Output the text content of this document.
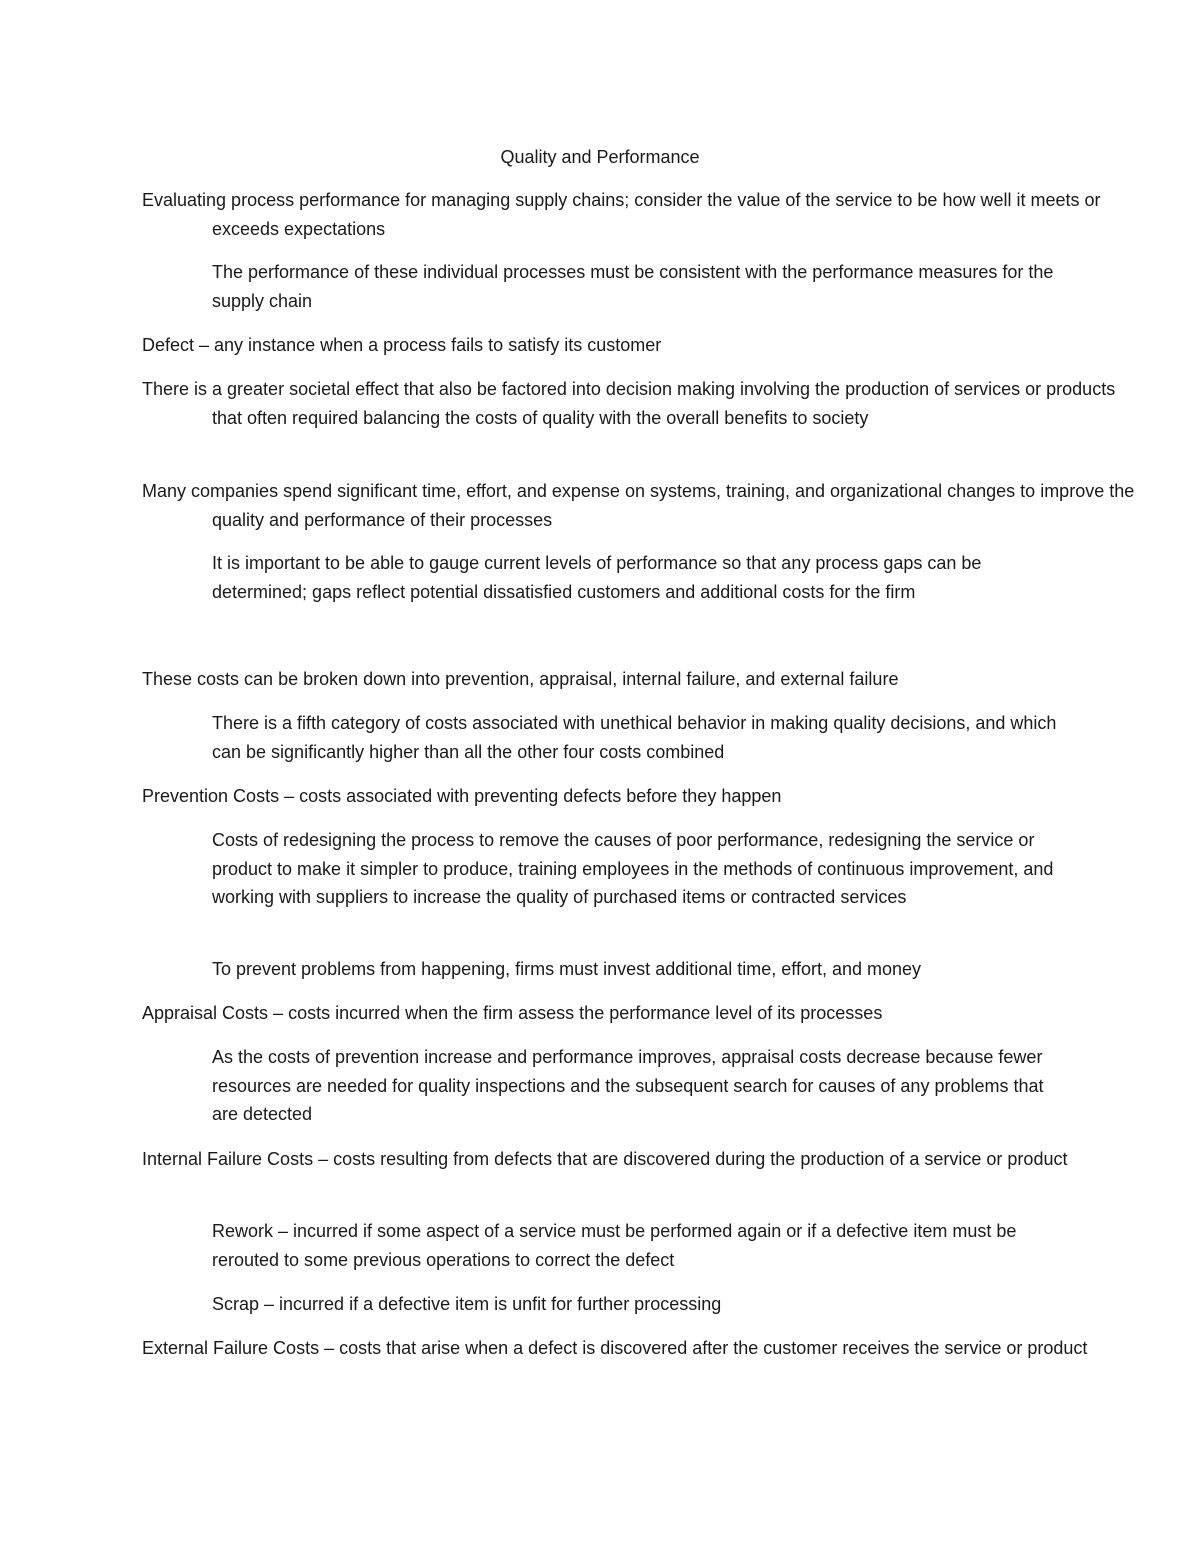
Quality and Performance

Evaluating process performance for managing supply chains; consider the value of the service to be how well it meets or exceeds expectations

The performance of these individual processes must be consistent with the performance measures for the supply chain

Defect – any instance when a process fails to satisfy its customer

There is a greater societal effect that also be factored into decision making involving the production of services or products that often required balancing the costs of quality with the overall benefits to society

Many companies spend significant time, effort, and expense on systems, training, and organizational changes to improve the quality and performance of their processes

It is important to be able to gauge current levels of performance so that any process gaps can be determined; gaps reflect potential dissatisfied customers and additional costs for the firm

These costs can be broken down into prevention, appraisal, internal failure, and external failure

There is a fifth category of costs associated with unethical behavior in making quality decisions, and which can be significantly higher than all the other four costs combined

Prevention Costs – costs associated with preventing defects before they happen

Costs of redesigning the process to remove the causes of poor performance, redesigning the service or product to make it simpler to produce, training employees in the methods of continuous improvement, and working with suppliers to increase the quality of purchased items or contracted services

To prevent problems from happening, firms must invest additional time, effort, and money

Appraisal Costs – costs incurred when the firm assess the performance level of its processes

As the costs of prevention increase and performance improves, appraisal costs decrease because fewer resources are needed for quality inspections and the subsequent search for causes of any problems that are detected

Internal Failure Costs – costs resulting from defects that are discovered during the production of a service or product

Rework – incurred if some aspect of a service must be performed again or if a defective item must be rerouted to some previous operations to correct the defect

Scrap – incurred if a defective item is unfit for further processing

External Failure Costs – costs that arise when a defect is discovered after the customer receives the service or product
